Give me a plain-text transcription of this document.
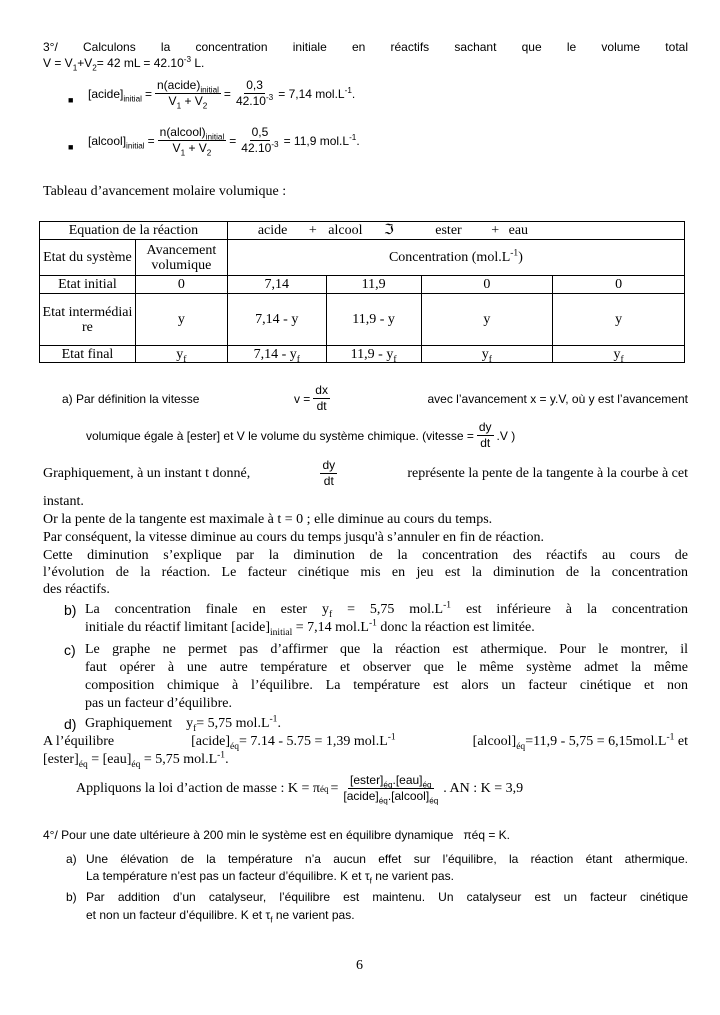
3°/ Calculons la concentration initiale en réactifs sachant que le volume total
$V = V_1+V_2= 42$ mL = $42.10^{-3}$ L.
■ $[acide]_{initial} = \frac{n(acide)_{initial}}{V_1 + V_2} = \frac{0,3}{42.10^{-3}} = 7,14$ $mol.L^{-1}$.
■ $[alcool]_{initial} = \frac{n(alcool)_{initial}}{V_1 + V_2} = \frac{0,5}{42.10^{-3}} = 11,9$ $mol.L^{-1}$.
Tableau d’avancement molaire volumique :
Equation de la réaction		acide + alcool ℑ ester + eau			
Etat du système	Avancement volumique	Concentration $(mol.L^{-1})$			
Etat initial	0	7,14	11,9	0	0
Etat intermédiaire	y	7,14 - y	11,9 - y	y	y
Etat final	$y_f$	$7,14 - y_f$	$11,9 - y_f$	$y_f$	$y_f$
a) Par définition la vitesse	$v = \frac{dx}{dt}$	avec l’avancement x = y.V, où y est l’avancement
volumique égale à [ester] et V le volume du système chimique. (vitesse = $\frac{dy}{dt} .V$ )
Graphiquement, à un instant t donné,	$\frac{dy}{dt}$	représente la pente de la tangente à la courbe à cet
instant.
Or la pente de la tangente est maximale à t = 0 ; elle diminue au cours du temps.
Par conséquent, la vitesse diminue au cours du temps jusqu'à s’annuler en fin de réaction.
Cette diminution s’explique par la diminution de la concentration des réactifs au cours de
l’évolution de la réaction. Le facteur cinétique mis en jeu est la diminution de la concentration
des réactifs.
b) La concentration finale en ester $y_f = 5,75$ $mol.L^{-1}$ est inférieure à la concentration
initiale du réactif limitant $[acide]_{initial} = 7,14$ $mol.L^{-1}$ donc la réaction est limitée.
c) Le graphe ne permet pas d’affirmer que la réaction est athermique. Pour le montrer, il
faut opérer à une autre température et observer que le même système admet la même
composition chimique à l’équilibre. La température est alors un facteur cinétique et non
pas un facteur d’équilibre.
d) Graphiquement $y_f= 5,75$ $mol.L^{-1}$.
A l’équilibre	$[acide]_{éq}= 7.14 - 5.75 = 1,39$ $mol.L^{-1}$	$[alcool]_{éq}=11,9 - 5,75 = 6,15mol.L^{-1}$ et
$[ester]_{éq} = [eau]_{éq} = 5,75$ $mol.L^{-1}$.
Appliquons la loi d’action de masse : K = π éq = $\frac{[ester]_{éq}.[eau]_{éq}}{[acide]_{éq}.[alcool]_{éq}}$ . AN : K = 3,9
4°/ Pour une date ultérieure à 200 min le système est en équilibre dynamique πéq = K.
a) Une élévation de la température n’a aucun effet sur l’équilibre, la réaction étant athermique.
La température n’est pas un facteur d’équilibre. K et $\tau_f$ ne varient pas.
b) Par addition d’un catalyseur, l’équilibre est maintenu. Un catalyseur est un facteur cinétique
et non un facteur d’équilibre. K et $\tau_f$ ne varient pas.
6
